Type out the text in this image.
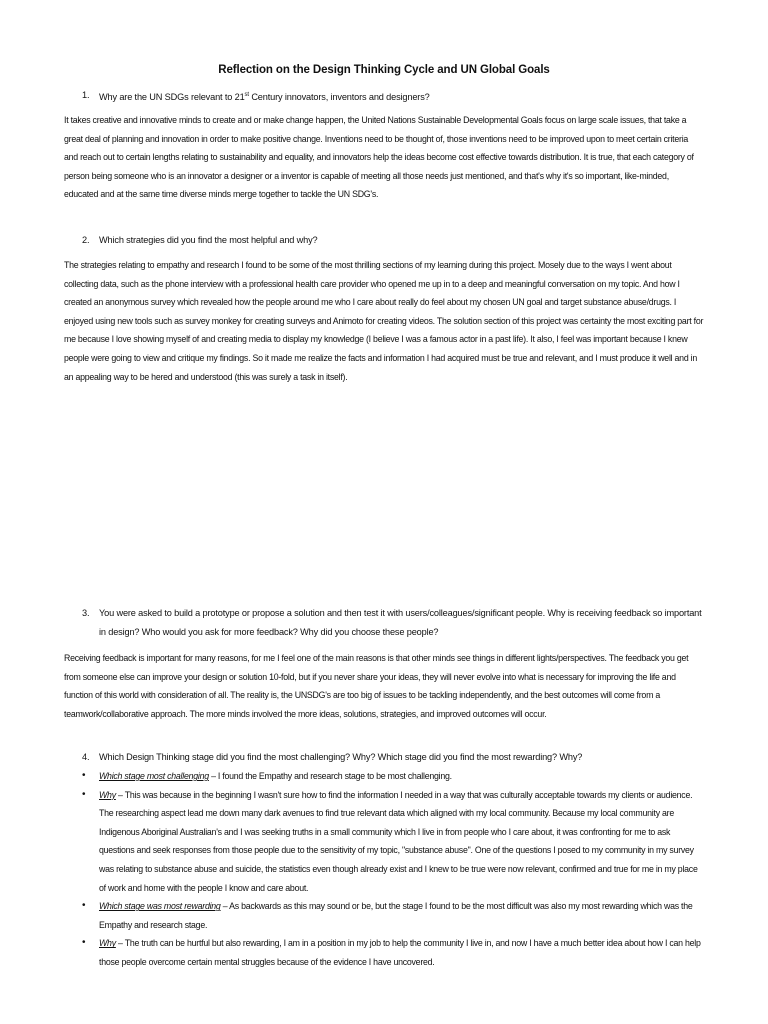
Reflection on the Design Thinking Cycle and UN Global Goals
1.	Why are the UN SDGs relevant to 21st Century innovators, inventors and designers?
It takes creative and innovative minds to create and or make change happen, the United Nations Sustainable Developmental Goals focus on large scale issues, that take a great deal of planning and innovation in order to make positive change. Inventions need to be thought of, those inventions need to be improved upon to meet certain criteria and reach out to certain lengths relating to sustainability and equality, and innovators help the ideas become cost effective towards distribution. It is true, that each category of person being someone who is an innovator a designer or a inventor is capable of meeting all those needs just mentioned, and that's why it's so important, like-minded, educated and at the same time diverse minds merge together to tackle the UN SDG's.
2.	Which strategies did you find the most helpful and why?
The strategies relating to empathy and research I found to be some of the most thrilling sections of my learning during this project. Mosely due to the ways I went about collecting data, such as the phone interview with a professional health care provider who opened me up in to a deep and meaningful conversation on my topic. And how I created an anonymous survey which revealed how the people around me who I care about really do feel about my chosen UN goal and target substance abuse/drugs. I enjoyed using new tools such as survey monkey for creating surveys and Animoto for creating videos. The solution section of this project was certainty the most exciting part for me because I love showing myself of and creating media to display my knowledge (I believe I was a famous actor in a past life). It also, I feel was important because I knew people were going to view and critique my findings. So it made me realize the facts and information I had acquired must be true and relevant, and I must produce it well and in an appealing way to be hered and understood (this was surely a task in itself).
3.	You were asked to build a prototype or propose a solution and then test it with users/colleagues/significant people. Why is receiving feedback so important in design? Who would you ask for more feedback? Why did you choose these people?
Receiving feedback is important for many reasons, for me I feel one of the main reasons is that other minds see things in different lights/perspectives. The feedback you get from someone else can improve your design or solution 10-fold, but if you never share your ideas, they will never evolve into what is necessary for improving the life and function of this world with consideration of all. The reality is, the UNSDG's are too big of issues to be tackling independently, and the best outcomes will come from a teamwork/collaborative approach. The more minds involved the more ideas, solutions, strategies, and improved outcomes will occur.
4.	Which Design Thinking stage did you find the most challenging? Why? Which stage did you find the most rewarding? Why?
• Which stage most challenging – I found the Empathy and research stage to be most challenging.
• Why – This was because in the beginning I wasn't sure how to find the information I needed in a way that was culturally acceptable towards my clients or audience. The researching aspect lead me down many dark avenues to find true relevant data which aligned with my local community. Because my local community are Indigenous Aboriginal Australian's and I was seeking truths in a small community which I live in from people who I care about, it was confronting for me to ask questions and seek responses from those people due to the sensitivity of my topic, "substance abuse". One of the questions I posed to my community in my survey was relating to substance abuse and suicide, the statistics even though already exist and I knew to be true were now relevant, confirmed and true for me in my place of work and home with the people I know and care about.
• Which stage was most rewarding – As backwards as this may sound or be, but the stage I found to be the most difficult was also my most rewarding which was the Empathy and research stage.
• Why – The truth can be hurtful but also rewarding, I am in a position in my job to help the community I live in, and now I have a much better idea about how I can help those people overcome certain mental struggles because of the evidence I have uncovered.
